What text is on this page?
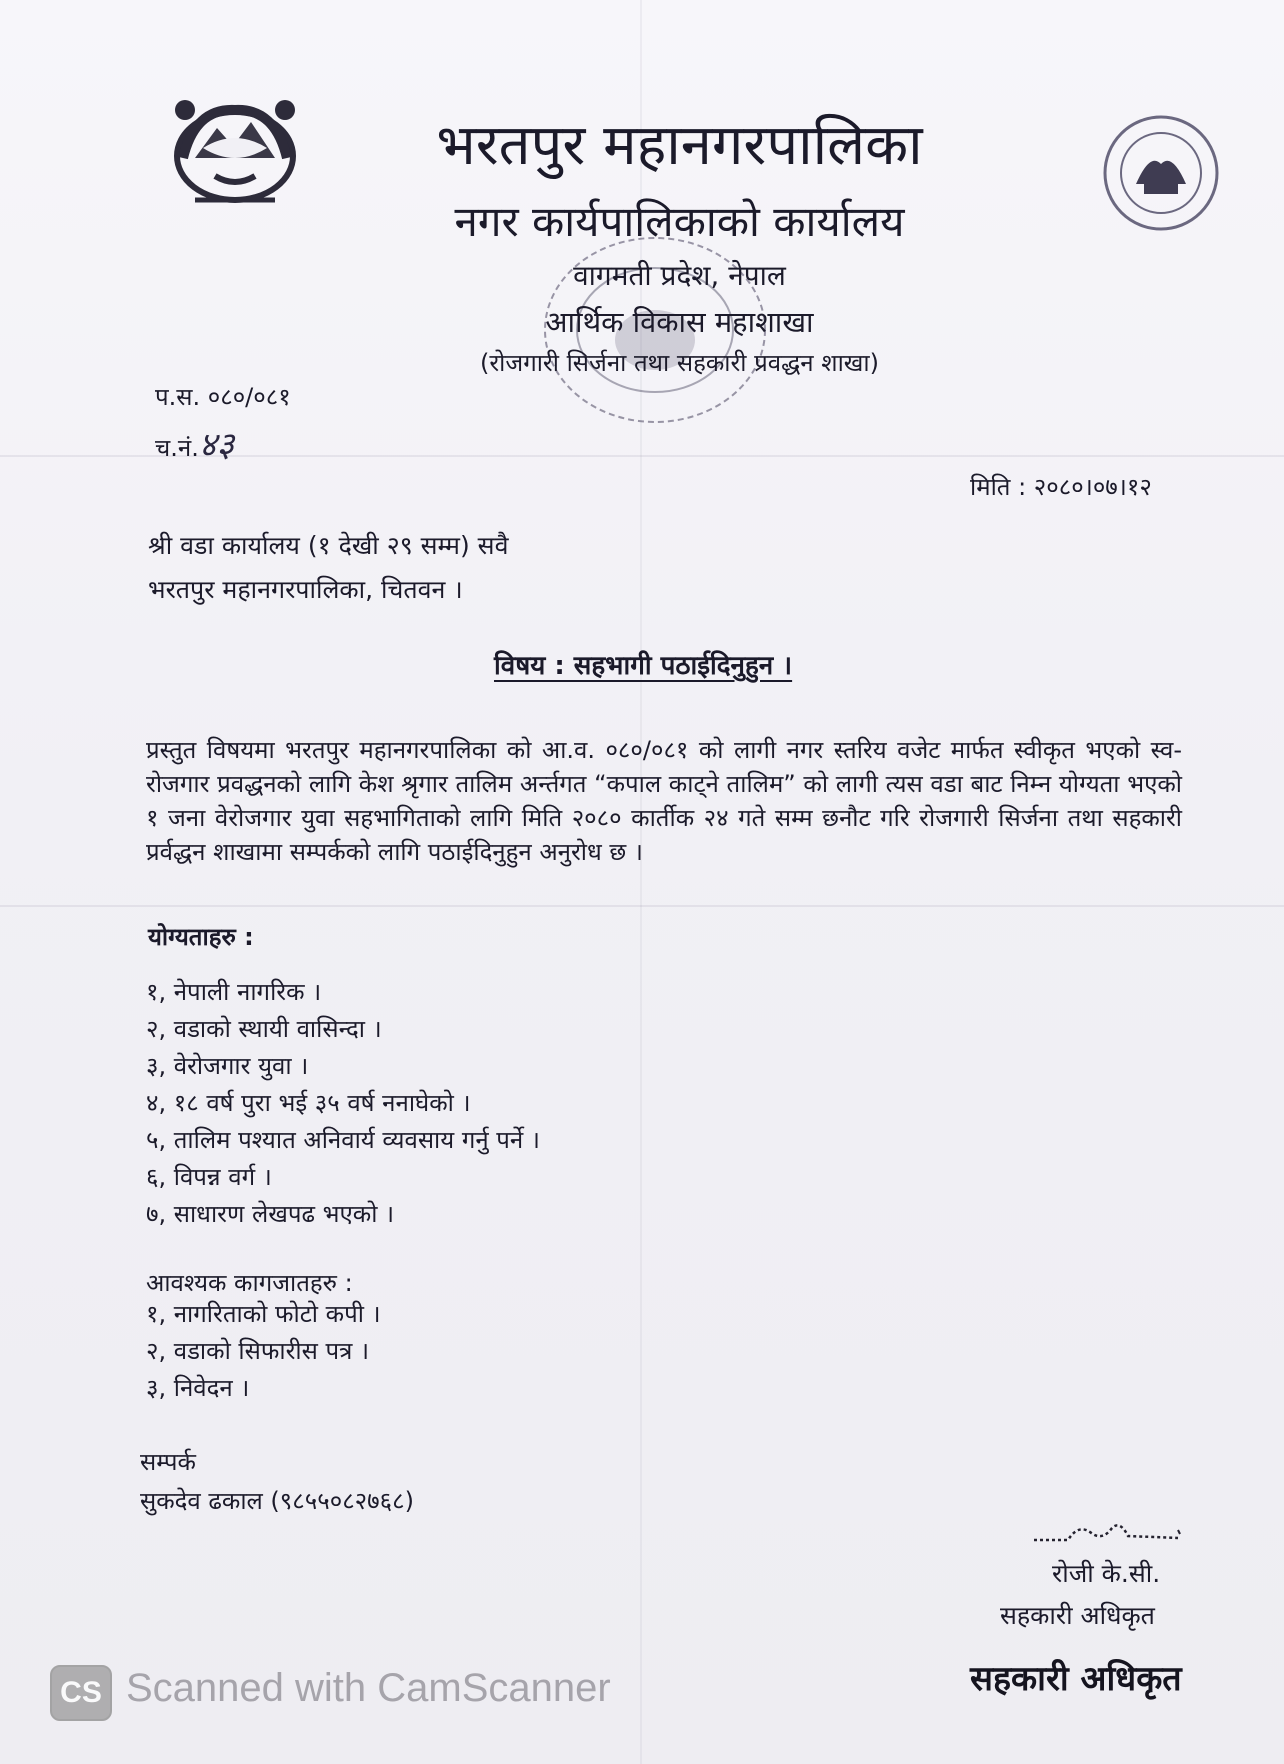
भरतपुर महानगरपालिका
नगर कार्यपालिकाको कार्यालय
वागमती प्रदेश, नेपाल
आर्थिक विकास महाशाखा
(रोजगारी सिर्जना तथा सहकारी प्रवद्धन शाखा)
प.स. ०८०/०८१
च.नं.४३
मिति : २०८०।०७।१२
श्री वडा कार्यालय (१ देखी २९ सम्म) सवै
भरतपुर महानगरपालिका, चितवन ।
विषय : सहभागी पठाईदिनुहुन ।
प्रस्तुत विषयमा भरतपुर महानगरपालिका को आ.व. ०८०/०८१ को लागी नगर स्तरिय वजेट मार्फत स्वीकृत भएको स्व-रोजगार प्रवद्धनको लागि केश श्रृगार तालिम अर्न्तगत “कपाल काट्ने तालिम” को लागी त्यस वडा बाट निम्न योग्यता भएको १ जना वेरोजगार युवा सहभागिताको लागि मिति २०८० कार्तीक २४ गते सम्म छनौट गरि रोजगारी सिर्जना तथा सहकारी प्रर्वद्धन शाखामा सम्पर्कको लागि पठाईदिनुहुन अनुरोध छ ।
योग्यताहरु :
१, नेपाली नागरिक ।
२, वडाको स्थायी वासिन्दा ।
३, वेरोजगार युवा ।
४, १८ वर्ष पुरा भई ३५ वर्ष ननाघेको ।
५, तालिम पश्यात अनिवार्य व्यवसाय गर्नु पर्ने ।
६, विपन्न वर्ग ।
७, साधारण लेखपढ भएको ।
आवश्यक कागजातहरु :
१, नागरिताको फोटो कपी ।
२, वडाको सिफारीस पत्र ।
३, निवेदन ।
सम्पर्क
सुकदेव ढकाल (९८५५०८२७६८)
रोजी के.सी.
सहकारी अधिकृत
सहकारी अधिकृत
CS Scanned with CamScanner
